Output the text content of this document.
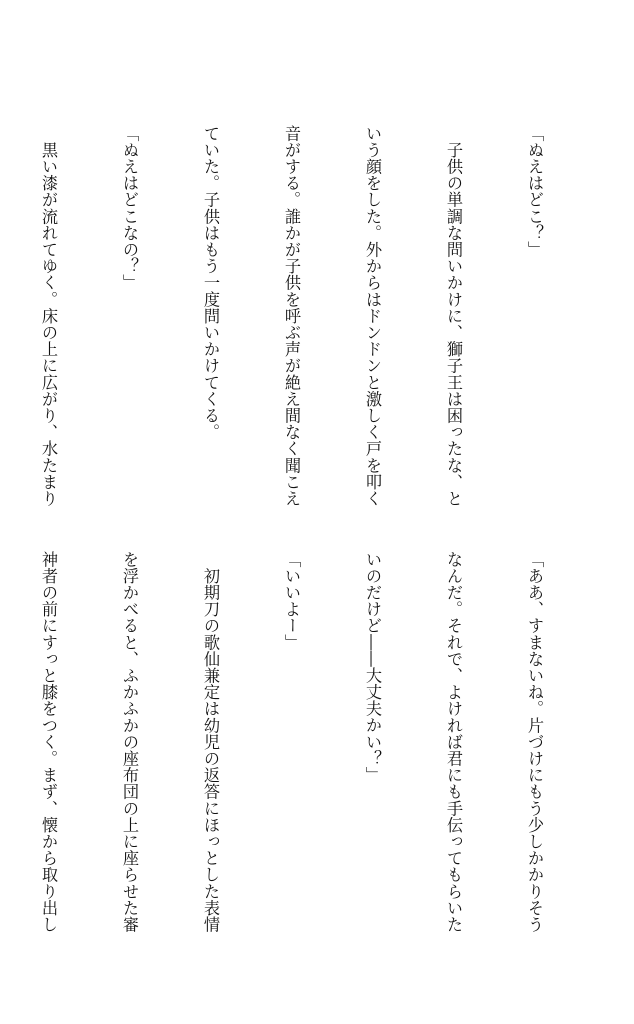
「ぬえはどこ？」

　子供の単調な問いかけに、獅子王は困ったな、と

いう顔をした。外からはドンドンと激しく戸を叩く

音がする。誰かが子供を呼ぶ声が絶え間なく聞こえ

ていた。子供はもう一度問いかけてくる。

「ぬえはどこなの？」

　黒い漆が流れてゆく。床の上に広がり、水たまり

「ああ、すまないね。片づけにもう少しかかりそう

なんだ。それで、よければ君にも手伝ってもらいた

いのだけど――大丈夫かい？」

「いいよー」

　初期刀の歌仙兼定は幼児の返答にほっとした表情

を浮かべると、ふかふかの座布団の上に座らせた審

神者の前にすっと膝をつく。まず、懐から取り出し
